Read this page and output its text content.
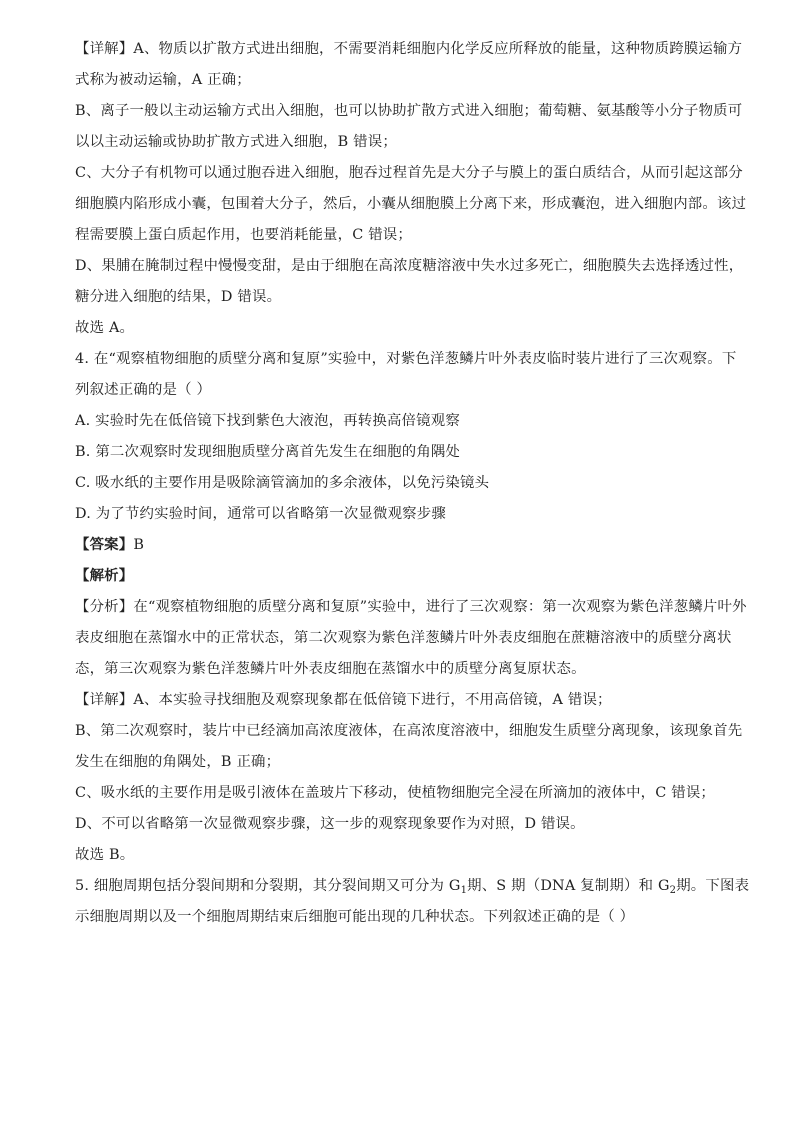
【详解】A、物质以扩散方式进出细胞，不需要消耗细胞内化学反应所释放的能量，这种物质跨膜运输方

式称为被动运输，A 正确；

B、离子一般以主动运输方式出入细胞，也可以协助扩散方式进入细胞；葡萄糖、氨基酸等小分子物质可

以以主动运输或协助扩散方式进入细胞，B 错误；

C、大分子有机物可以通过胞吞进入细胞，胞吞过程首先是大分子与膜上的蛋白质结合，从而引起这部分

细胞膜内陷形成小囊，包围着大分子，然后，小囊从细胞膜上分离下来，形成囊泡，进入细胞内部。该过

程需要膜上蛋白质起作用，也要消耗能量，C 错误；

D、果脯在腌制过程中慢慢变甜，是由于细胞在高浓度糖溶液中失水过多死亡，细胞膜失去选择透过性，

糖分进入细胞的结果，D 错误。

故选 A。

4. 在“观察植物细胞的质壁分离和复原”实验中，对紫色洋葱鳞片叶外表皮临时装片进行了三次观察。下

列叙述正确的是（ ）

A. 实验时先在低倍镜下找到紫色大液泡，再转换高倍镜观察

B. 第二次观察时发现细胞质壁分离首先发生在细胞的角隅处

C. 吸水纸的主要作用是吸除滴管滴加的多余液体，以免污染镜头

D. 为了节约实验时间，通常可以省略第一次显微观察步骤

【答案】B

【解析】

【分析】在“观察植物细胞的质壁分离和复原”实验中，进行了三次观察：第一次观察为紫色洋葱鳞片叶外

表皮细胞在蒸馏水中的正常状态，第二次观察为紫色洋葱鳞片叶外表皮细胞在蔗糖溶液中的质壁分离状

态，第三次观察为紫色洋葱鳞片叶外表皮细胞在蒸馏水中的质壁分离复原状态。

【详解】A、本实验寻找细胞及观察现象都在低倍镜下进行，不用高倍镜，A 错误；

B、第二次观察时，装片中已经滴加高浓度液体，在高浓度溶液中，细胞发生质壁分离现象，该现象首先

发生在细胞的角隅处，B 正确；

C、吸水纸的主要作用是吸引液体在盖玻片下移动，使植物细胞完全浸在所滴加的液体中，C 错误；

D、不可以省略第一次显微观察步骤，这一步的观察现象要作为对照，D 错误。

故选 B。

5. 细胞周期包括分裂间期和分裂期，其分裂间期又可分为 $G_1$期、S 期（DNA 复制期）和 $G_2$期。下图表

示细胞周期以及一个细胞周期结束后细胞可能出现的几种状态。下列叙述正确的是（ ）
